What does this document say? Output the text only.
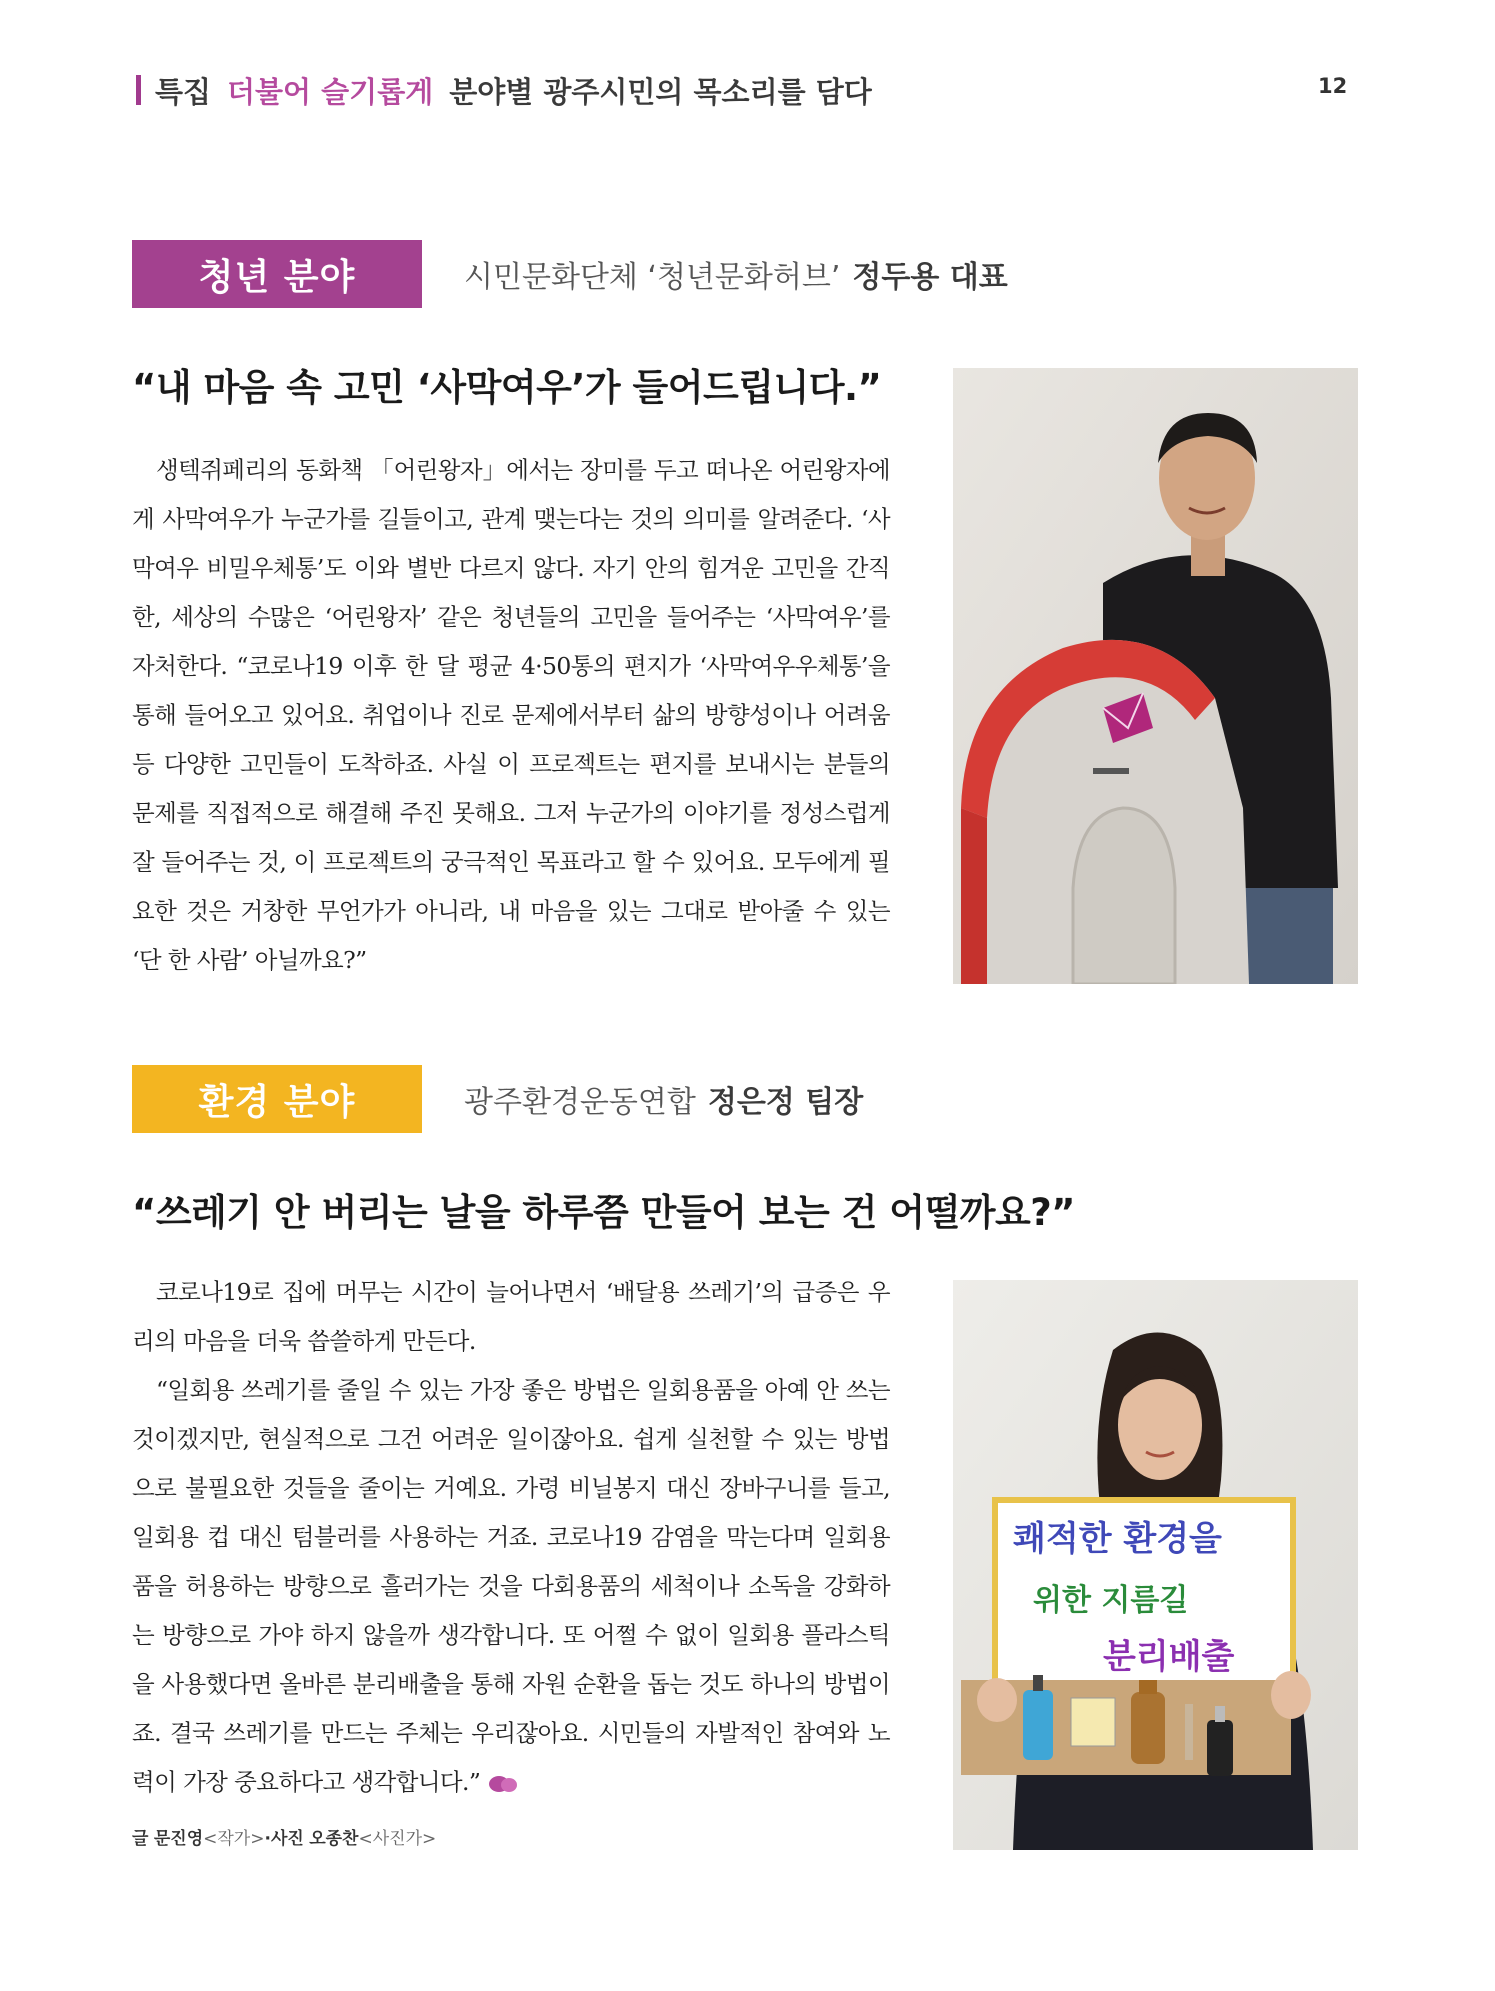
특집 더불어 슬기롭게 분야별 광주시민의 목소리를 담다	12
청년 분야	시민문화단체 ‘청년문화허브’ 정두용 대표
“내 마음 속 고민 ‘사막여우’가 들어드립니다.”

생텍쥐페리의 동화책 「어린왕자」에서는 장미를 두고 떠나온 어린왕자에게 사막여우가 누군가를 길들이고, 관계 맺는다는 것의 의미를 알려준다. ‘사막여우 비밀우체통’도 이와 별반 다르지 않다. 자기 안의 힘겨운 고민을 간직한, 세상의 수많은 ‘어린왕자’ 같은 청년들의 고민을 들어주는 ‘사막여우’를 자처한다. “코로나19 이후 한 달 평균 4·50통의 편지가 ‘사막여우우체통’을 통해 들어오고 있어요. 취업이나 진로 문제에서부터 삶의 방향성이나 어려움 등 다양한 고민들이 도착하죠. 사실 이 프로젝트는 편지를 보내시는 분들의 문제를 직접적으로 해결해 주진 못해요. 그저 누군가의 이야기를 정성스럽게 잘 들어주는 것, 이 프로젝트의 궁극적인 목표라고 할 수 있어요. 모두에게 필요한 것은 거창한 무언가가 아니라, 내 마음을 있는 그대로 받아줄 수 있는 ‘단 한 사람’ 아닐까요?”

환경 분야	광주환경운동연합 정은정 팀장
“쓰레기 안 버리는 날을 하루쯤 만들어 보는 건 어떨까요?”

코로나19로 집에 머무는 시간이 늘어나면서 ‘배달용 쓰레기’의 급증은 우리의 마음을 더욱 씁쓸하게 만든다.

“일회용 쓰레기를 줄일 수 있는 가장 좋은 방법은 일회용품을 아예 안 쓰는 것이겠지만, 현실적으로 그건 어려운 일이잖아요. 쉽게 실천할 수 있는 방법으로 불필요한 것들을 줄이는 거예요. 가령 비닐봉지 대신 장바구니를 들고, 일회용 컵 대신 텀블러를 사용하는 거죠. 코로나19 감염을 막는다며 일회용품을 허용하는 방향으로 흘러가는 것을 다회용품의 세척이나 소독을 강화하는 방향으로 가야 하지 않을까 생각합니다. 또 어쩔 수 없이 일회용 플라스틱을 사용했다면 올바른 분리배출을 통해 자원 순환을 돕는 것도 하나의 방법이죠. 결국 쓰레기를 만드는 주체는 우리잖아요. 시민들의 자발적인 참여와 노력이 가장 중요하다고 생각합니다.”

쾌적한 환경을
위한 지름길
분리배출
글 문진영<작가>·사진 오종찬<사진가>
